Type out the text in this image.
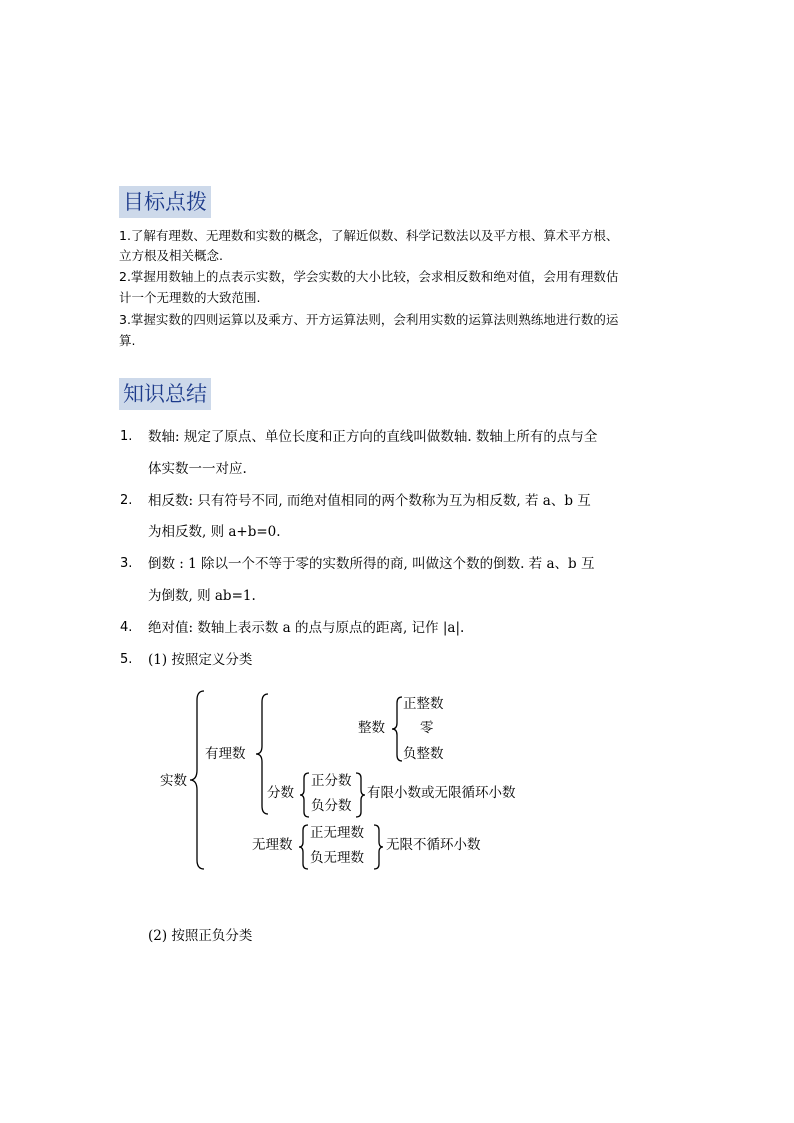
目标点拨
1.了解有理数、无理数和实数的概念，了解近似数、科学记数法以及平方根、算术平方根、
立方根及相关概念.
2.掌握用数轴上的点表示实数，学会实数的大小比较，会求相反数和绝对值，会用有理数估
计一个无理数的大致范围.
3.掌握实数的四则运算以及乘方、开方运算法则，会利用实数的运算法则熟练地进行数的运
算.
知识总结
1. 数轴: 规定了原点、单位长度和正方向的直线叫做数轴. 数轴上所有的点与全
体实数一一对应.
2. 相反数: 只有符号不同, 而绝对值相同的两个数称为互为相反数, 若 a、b 互
为相反数, 则 a+b=0.
3. 倒数 : 1 除以一个不等于零的实数所得的商, 叫做这个数的倒数. 若 a、b 互
为倒数, 则 ab=1.
4. 绝对值: 数轴上表示数 a 的点与原点的距离, 记作 |a|.
5. (1) 按照定义分类
实数
有理数
整数
正整数
零
负整数
分数
正分数
负分数
有限小数或无限循环小数
无理数
正无理数
负无理数
无限不循环小数
(2) 按照正负分类
